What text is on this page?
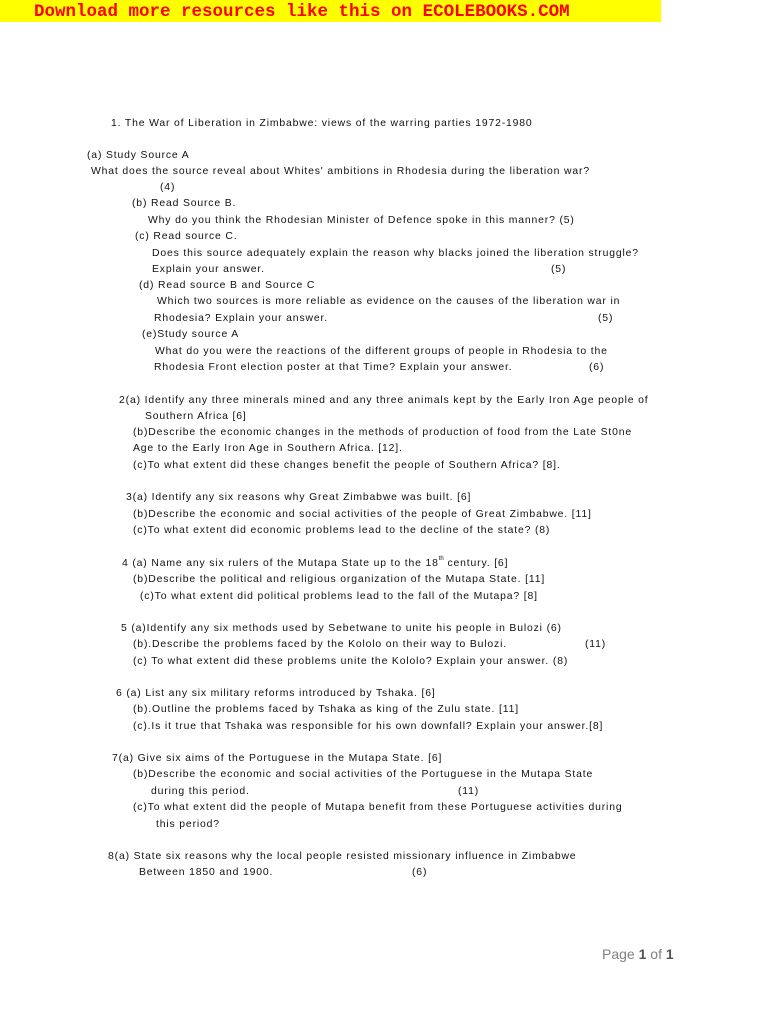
Download more resources like this on ECOLEBOOKS.COM
1. The War of Liberation in Zimbabwe: views of the warring parties 1972-1980
(a) Study Source A
What does the source reveal about Whites' ambitions in Rhodesia during the liberation war?
(4)
(b) Read Source B.
Why do you think the Rhodesian Minister of Defence spoke in this manner? (5)
(c) Read source C.
Does this source adequately explain the reason why blacks joined the liberation struggle?
Explain your answer.	(5)
(d) Read source B and Source C
Which two sources is more reliable as evidence on the causes of the liberation war in
Rhodesia? Explain your answer.	(5)
(e)Study source A
What do you were the reactions of the different groups of people in Rhodesia to the
Rhodesia Front election poster at that Time? Explain your answer.	(6)
2(a) Identify any three minerals mined and any three animals kept by the Early Iron Age people of
Southern Africa [6]
(b)Describe the economic changes in the methods of production of food from the Late St0ne
Age to the Early Iron Age in Southern Africa. [12].
(c)To what extent did these changes benefit the people of Southern Africa? [8].
3(a) Identify any six reasons why Great Zimbabwe was built. [6]
(b)Describe the economic and social activities of the people of Great Zimbabwe. [11]
(c)To what extent did economic problems lead to the decline of the state? (8)
4 (a) Name any six rulers of the Mutapa State up to the 18th century. [6]
(b)Describe the political and religious organization of the Mutapa State. [11]
(c)To what extent did political problems lead to the fall of the Mutapa? [8]
5 (a)Identify any six methods used by Sebetwane to unite his people in Bulozi (6)
(b).Describe the problems faced by the Kololo on their way to Bulozi.	(11)
(c) To what extent did these problems unite the Kololo? Explain your answer. (8)
6 (a) List any six military reforms introduced by Tshaka. [6]
(b).Outline the problems faced by Tshaka as king of the Zulu state. [11]
(c).Is it true that Tshaka was responsible for his own downfall? Explain your answer.[8]
7(a) Give six aims of the Portuguese in the Mutapa State. [6]
(b)Describe the economic and social activities of the Portuguese in the Mutapa State
during this period.	(11)
(c)To what extent did the people of Mutapa benefit from these Portuguese activities during
this period?
8(a) State six reasons why the local people resisted missionary influence in Zimbabwe
Between 1850 and 1900.	(6)
Page 1 of 1
